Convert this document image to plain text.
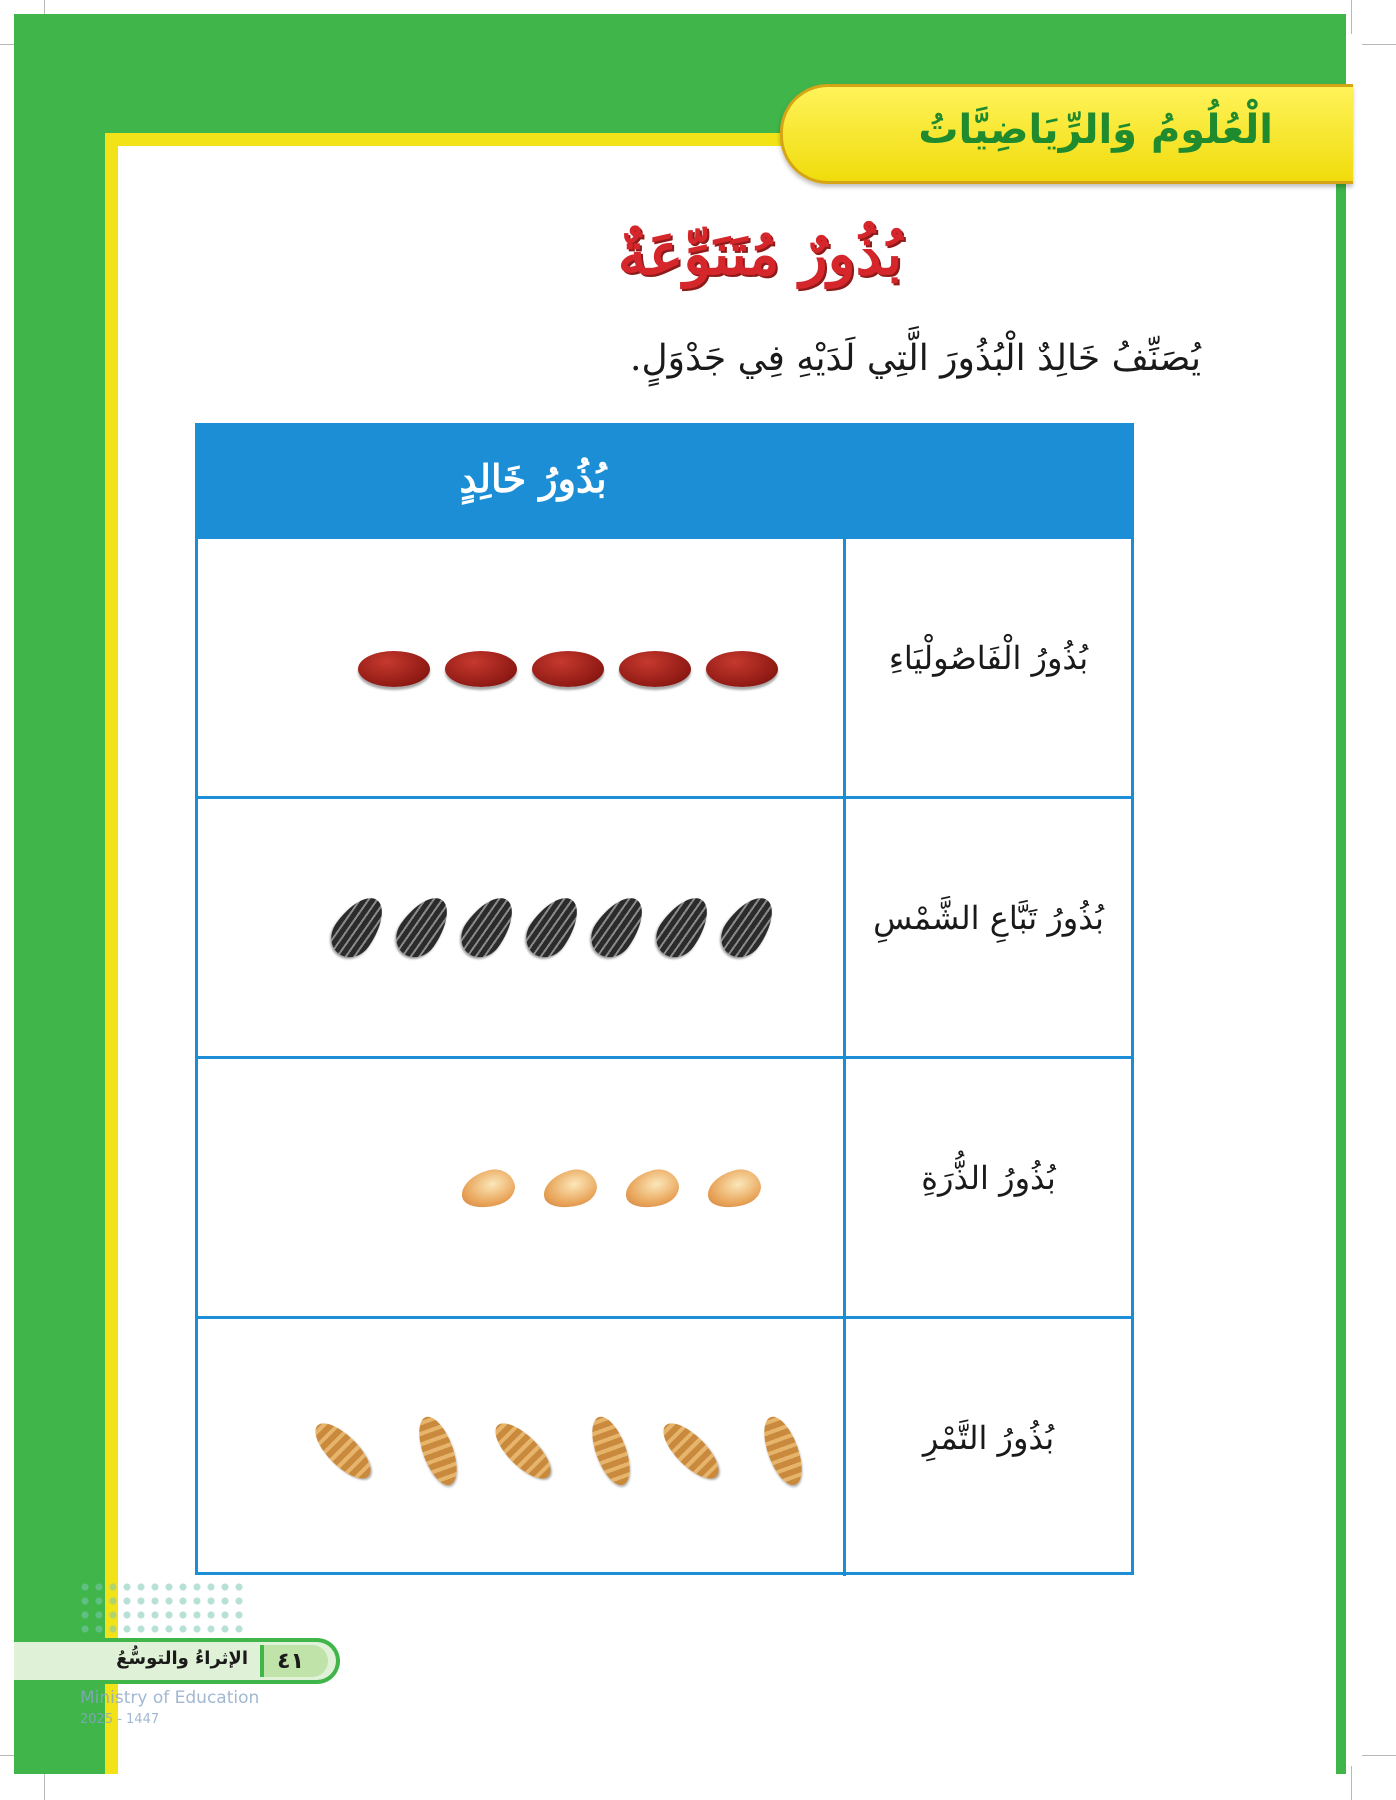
الْعُلُومُ وَالرِّيَاضِيَّاتُ
بُذُورٌ مُتَنَوِّعَةٌ
يُصَنِّفُ خَالِدٌ الْبُذُورَ الَّتِي لَدَيْهِ فِي جَدْوَلٍ.
بُذُورُ خَالِدٍ
بُذُورُ الْفَاصُولْيَاءِ
بُذُورُ تَبَّاعِ الشَّمْسِ
بُذُورُ الذُّرَةِ
بُذُورُ التَّمْرِ
الإثراءُ والتوسُّعُ ٤١
Ministry of Education
2025 - 1447
